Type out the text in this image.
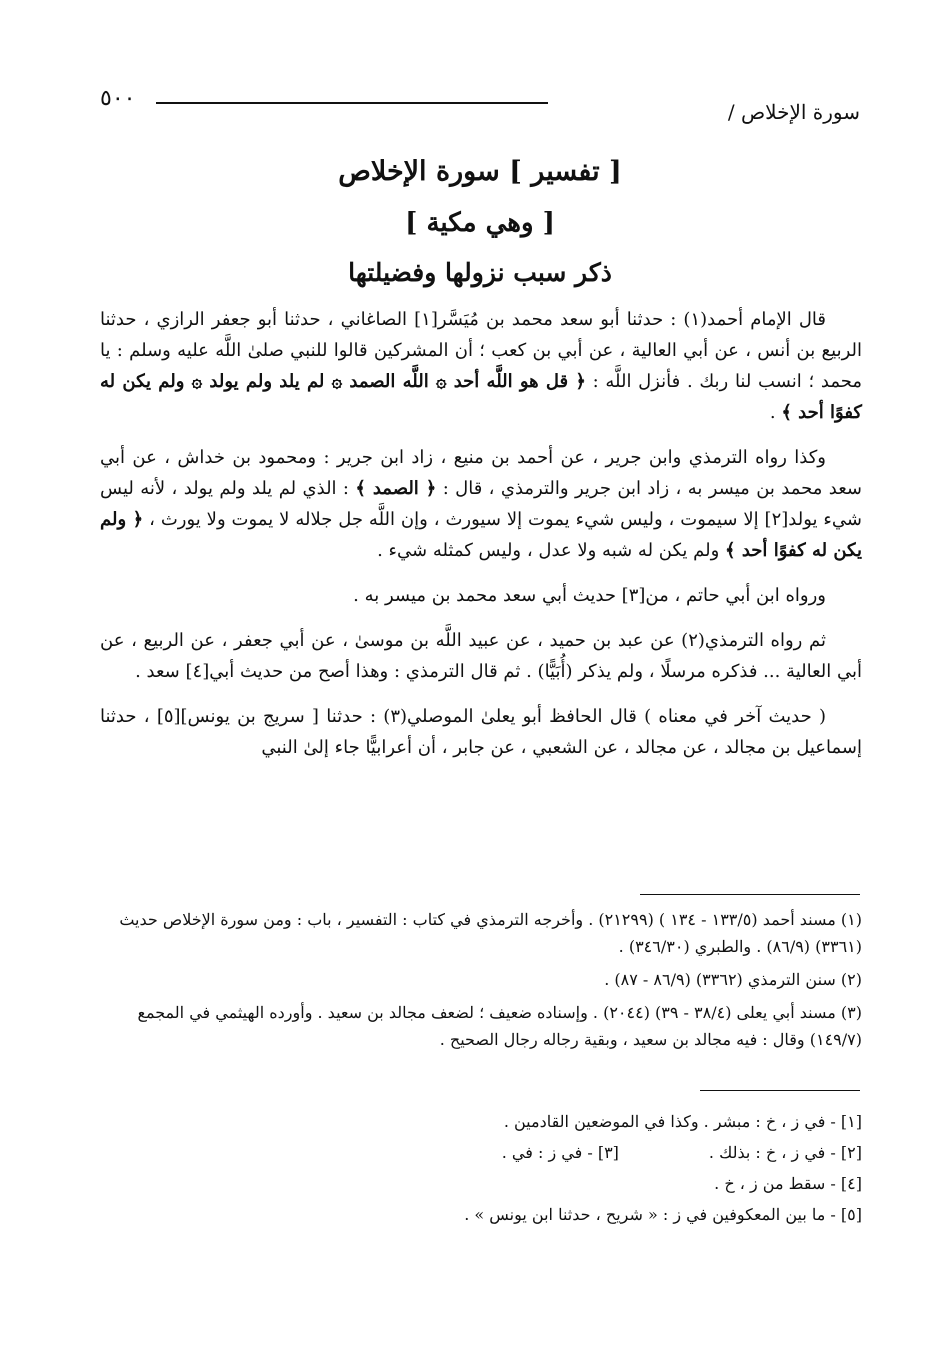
٥٠٠
سورة الإخلاص /
[ تفسير ] سورة الإخلاص
[ وهي مكية ]
ذكر سبب نزولها وفضيلتها

قال الإمام أحمد(١) : حدثنا أبو سعد محمد بن مُيَسَّر[١] الصاغاني ، حدثنا أبو جعفر الرازي ، حدثنا الربيع بن أنس ، عن أبي العالية ، عن أبي بن كعب ؛ أن المشركين قالوا للنبي صلىٰ اللَّه عليه وسلم : يا محمد ؛ انسب لنا ربك . فأنزل اللَّه : ﴿ قل هو اللَّه أحد ۞ اللَّه الصمد ۞ لم يلد ولم يولد ۞ ولم يكن له كفوًا أحد ﴾ .

وكذا رواه الترمذي وابن جرير ، عن أحمد بن منيع ، زاد ابن جرير : ومحمود بن خداش ، عن أبي سعد محمد بن ميسر به ، زاد ابن جرير والترمذي ، قال : ﴿ الصمد ﴾ : الذي لم يلد ولم يولد ، لأنه ليس شيء يولد[٢] إلا سيموت ، وليس شيء يموت إلا سيورث ، وإن اللَّه جل جلاله لا يموت ولا يورث ، ﴿ ولم يكن له كفوًا أحد ﴾ ولم يكن له شبه ولا عدل ، وليس كمثله شيء .

ورواه ابن أبي حاتم ، من[٣] حديث أبي سعد محمد بن ميسر به .

ثم رواه الترمذي(٢) عن عبد بن حميد ، عن عبيد اللَّه بن موسىٰ ، عن أبي جعفر ، عن الربيع ، عن أبي العالية ... فذكره مرسلًا ، ولم يذكر (أُبَيًّا) . ثم قال الترمذي : وهذا أصح من حديث أبي[٤] سعد .

( حديث آخر في معناه ) قال الحافظ أبو يعلىٰ الموصلي(٣) : حدثنا [ سريج بن يونس][٥] ، حدثنا إسماعيل بن مجالد ، عن مجالد ، عن الشعبي ، عن جابر ، أن أعرابيًّا جاء إلىٰ النبي

(١) مسند أحمد (١٣٣/٥ - ١٣٤ ) (٢١٢٩٩) . وأخرجه الترمذي في كتاب : التفسير ، باب : ومن سورة الإخلاص حديث (٣٣٦١) (٨٦/٩) . والطبري (٣٤٦/٣٠) .
(٢) سنن الترمذي (٣٣٦٢) (٨٦/٩ - ٨٧) .
(٣) مسند أبي يعلى (٣٨/٤ - ٣٩) (٢٠٤٤) . وإسناده ضعيف ؛ لضعف مجالد بن سعيد . وأورده الهيثمي في المجمع (١٤٩/٧) وقال : فيه مجالد بن سعيد ، وبقية رجاله رجال الصحيح .
[١] - في ز ، خ : مبشر . وكذا في الموضعين القادمين .
[٢] - في ز ، خ : بذلك .
[٣] - في ز : في .
[٤] - سقط من ز ، خ .
[٥] - ما بين المعكوفين في ز : « شريح ، حدثنا ابن يونس » .
